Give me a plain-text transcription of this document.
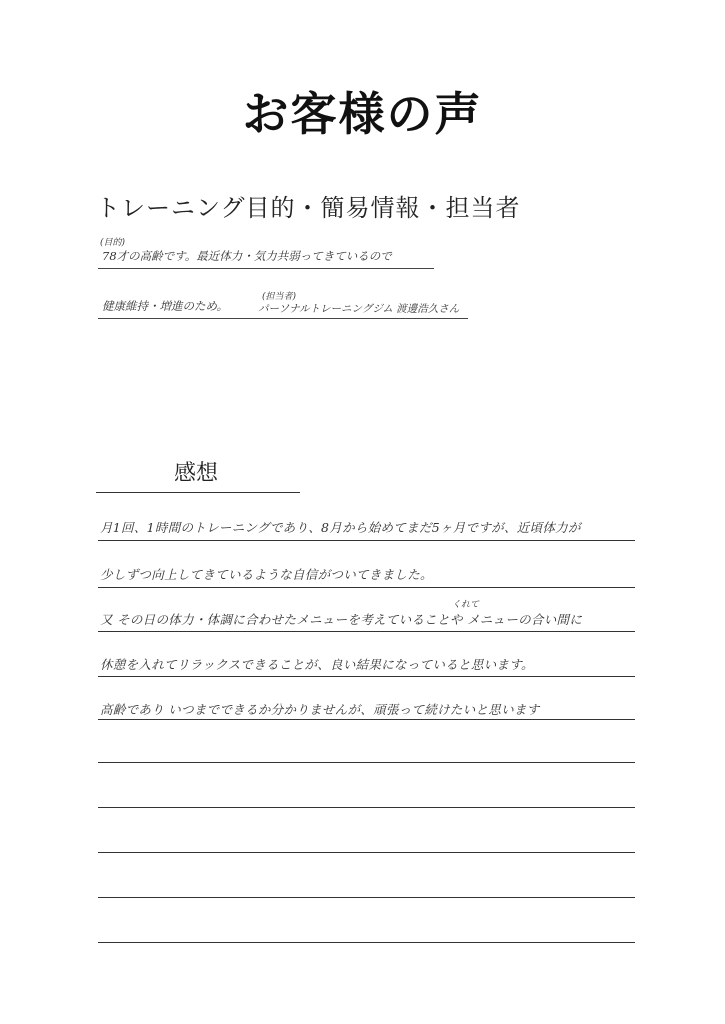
お客様の声
トレーニング目的・簡易情報・担当者
(目的)
78才の高齢です。最近体力・気力共弱ってきているので
健康維持・増進のため。
(担当者)
パーソナルトレーニングジム 渡邊浩久さん
感想
月1回、1時間のトレーニングであり、8月から始めてまだ5ヶ月ですが、近頃体力が
少しずつ向上してきているような自信がついてきました。
くれて
又 その日の体力・体調に合わせたメニューを考えていることや メニューの合い間に
休憩を入れてリラックスできることが、良い結果になっていると思います。
高齢であり いつまでできるか分かりませんが、頑張って続けたいと思います
